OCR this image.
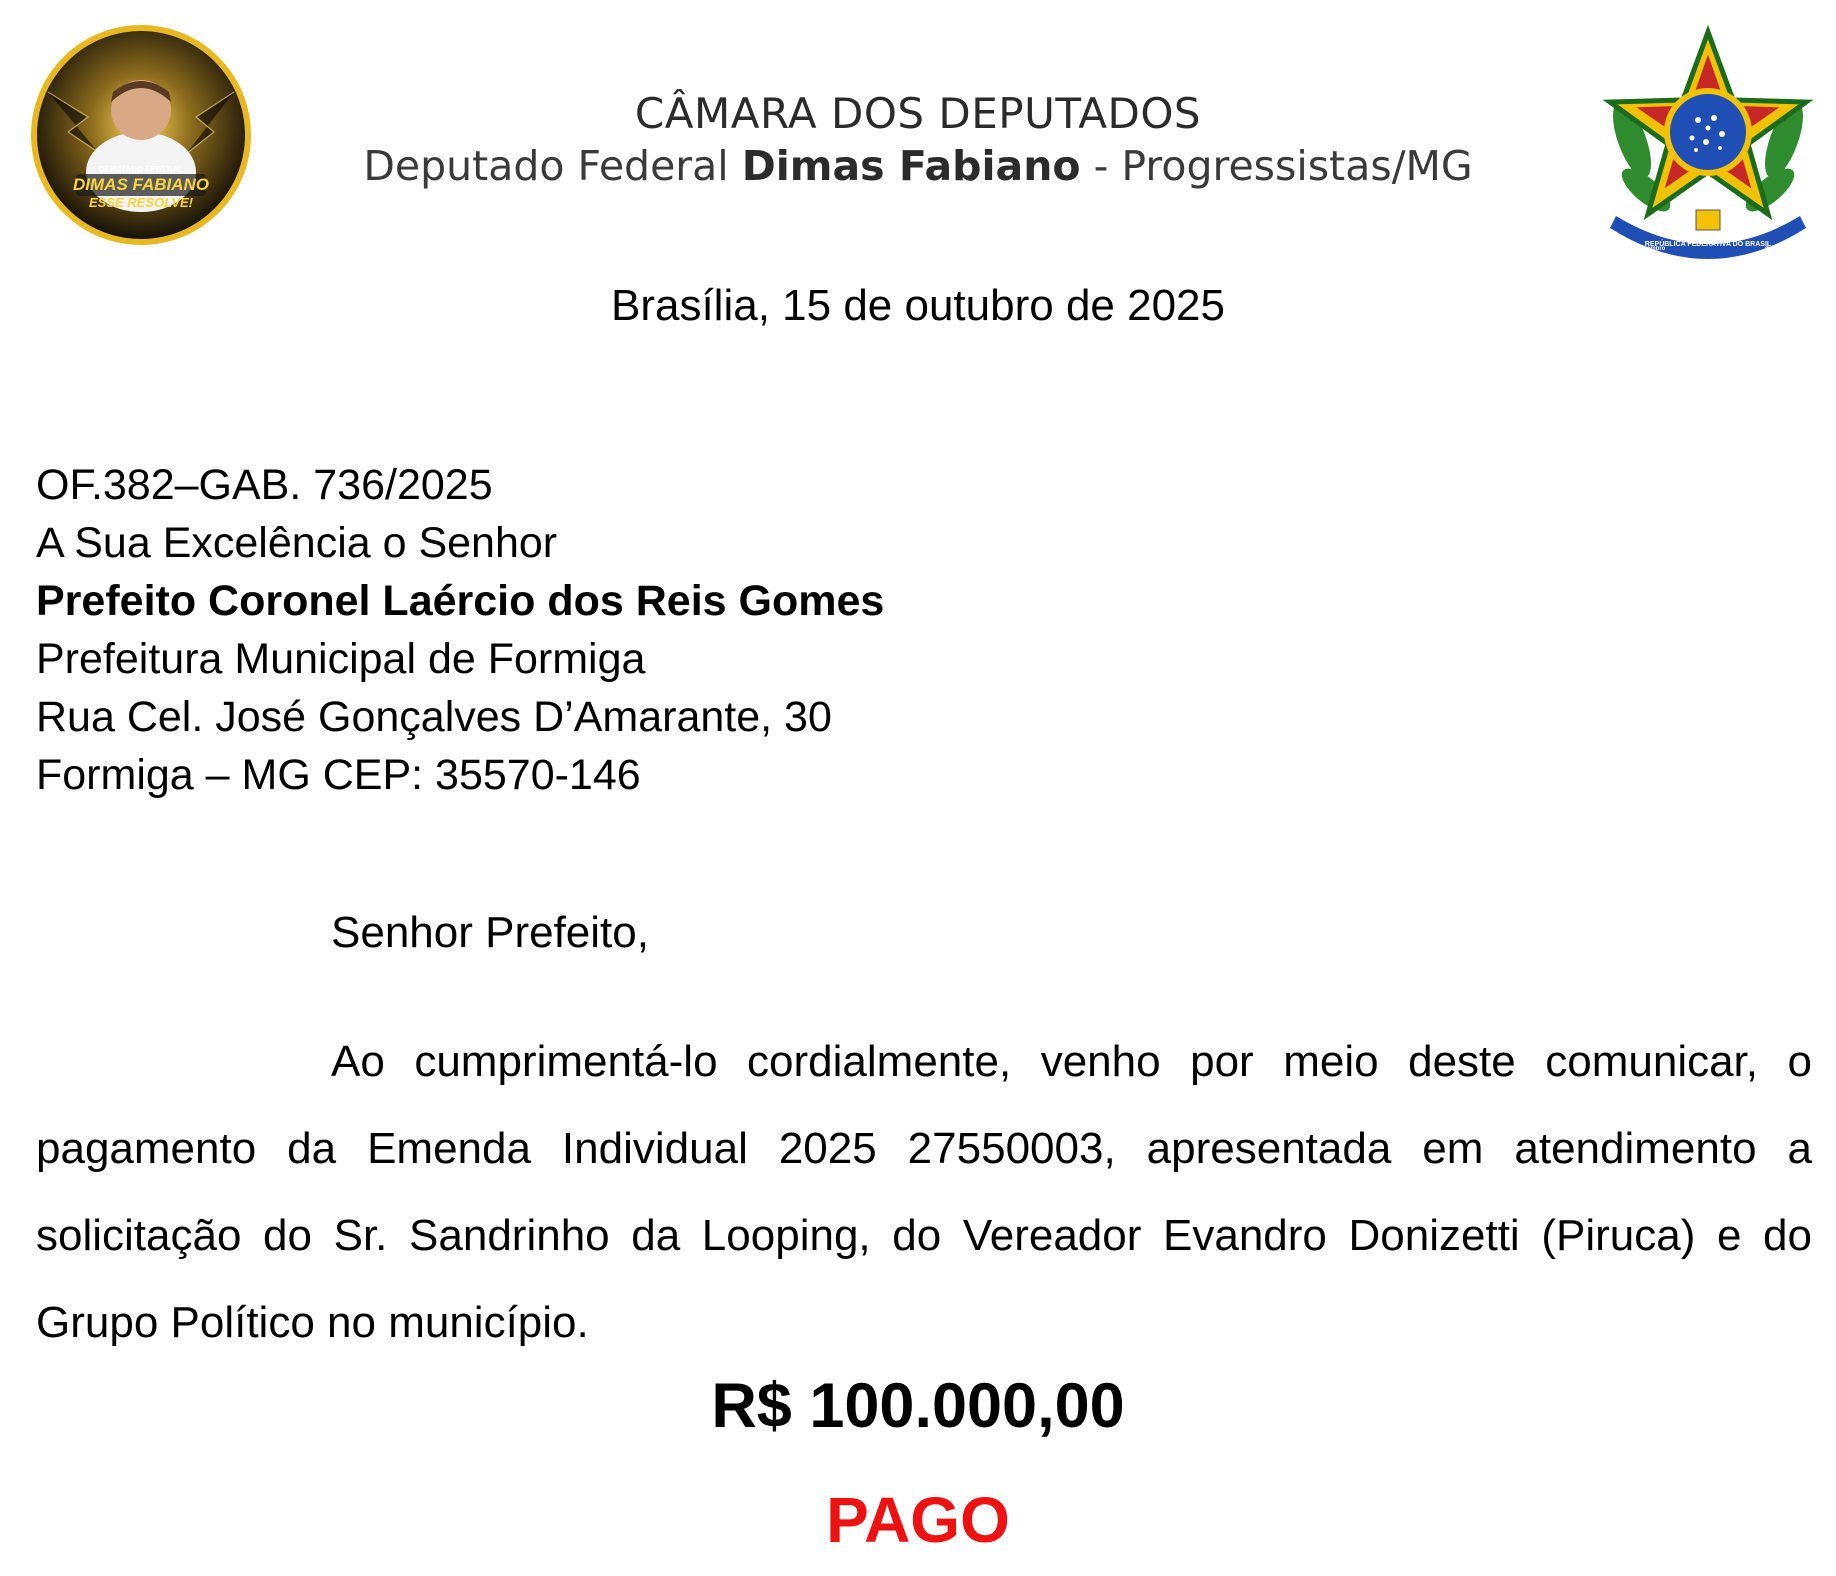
DEPUTADO FEDERAL
DIMAS FABIANO
ESSE RESOLVE!
CÂMARA DOS DEPUTADOS
Deputado Federal Dimas Fabiano - Progressistas/MG
REPÚBLICA FEDERATIVA DO BRASIL
15 de Novembro	de 1889
Brasília, 15 de outubro de 2025
OF.382–GAB. 736/2025
A Sua Excelência o Senhor
Prefeito Coronel Laércio dos Reis Gomes
Prefeitura Municipal de Formiga
Rua Cel. José Gonçalves D’Amarante, 30
Formiga – MG CEP: 35570-146
Senhor Prefeito,
Ao cumprimentá-lo cordialmente, venho por meio deste comunicar, o pagamento da Emenda Individual 2025 27550003, apresentada em atendimento a solicitação do Sr. Sandrinho da Looping, do Vereador Evandro Donizetti (Piruca) e do Grupo Político no município.
R$ 100.000,00
PAGO
